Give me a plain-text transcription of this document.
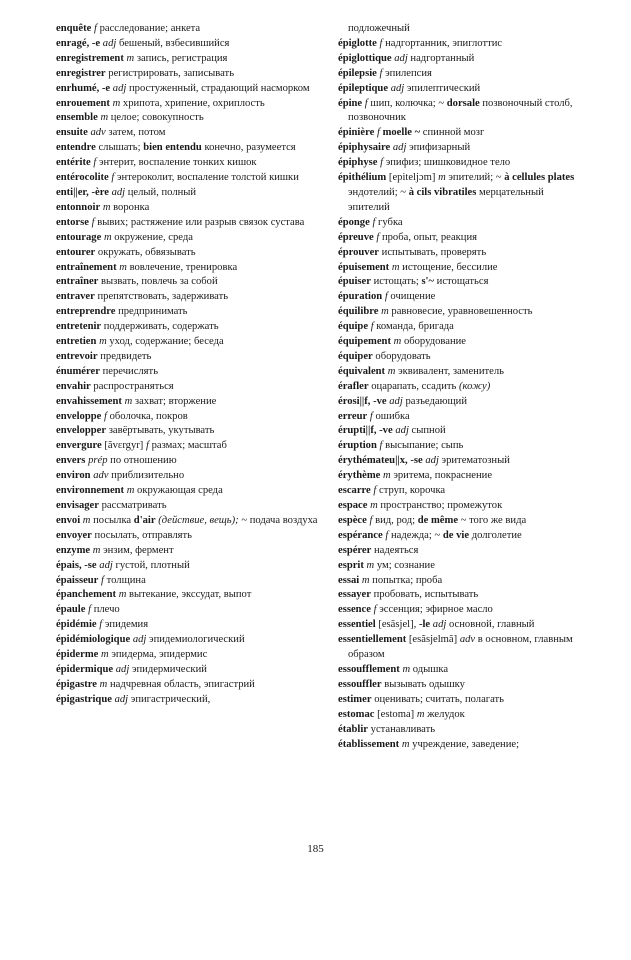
enquête f расследование; анкета

enragé, -e adj бешеный, взбесившийся

enregistrement m запись, регистрация

enregistrer регистрировать, записывать

enrhumé, -e adj простуженный, страдающий насморком

enrouement m хрипота, хрипение, охриплость

ensemble m целое; совокупность

ensuite adv затем, потом

entendre слышать; bien entendu конечно, разумеется

entérite f энтерит, воспаление тонких кишок

entérocolite f энтероколит, воспаление толстой кишки

enti||er, -ère adj целый, полный

entonnoir m воронка

entorse f вывих; растяжение или разрыв связок сустава

entourage m окружение, среда

entourer окружать, обвязывать

entraînement m вовлечение, тренировка

entraîner вызвать, повлечь за собой

entraver препятствовать, задерживать

entreprendre предпринимать

entretenir поддерживать, содержать

entretien m уход, содержание; беседа

entrevoir предвидеть

énumérer перечислять

envahir распространяться

envahissement m захват; вторжение

enveloppe f оболочка, покров

envelopper завёртывать, укутывать

envergure [ãvɛrgyr] f размах; масштаб

envers prép по отношению

environ adv приблизительно

environnement m окружающая среда

envisager рассматривать

envoi m посылка d'air (действие, вещь); ~ подача воздуха

envoyer посылать, отправлять

enzyme m энзим, фермент

épais, -se adj густой, плотный

épaisseur f толщина

épanchement m вытекание, экссудат, выпот

épaule f плечо

épidémie f эпидемия

épidémiologique adj эпидемиологический

épiderme m эпидерма, эпидермис

épidermique adj эпидермический

épigastre m надчревная область, эпигастрий

épigastrique adj эпигастрический,

подложечный

épiglotte f надгортанник, эпиглоттис

épiglottique adj надгортанный

épilepsie f эпилепсия

épileptique adj эпилептический

épine f шип, колючка; ~ dorsale позвоночный столб, позвоночник

épinière f moelle ~ спинной мозг

épiphysaire adj эпифизарный

épiphyse f эпифиз; шишковидное тело

épithélium [epiteljɔm] m эпителий; ~ à cellules plates эндотелий; ~ à cils vibratiles мерцательный эпителий

éponge f губка

épreuve f проба, опыт, реакция

éprouver испытывать, проверять

épuisement m истощение, бессилие

épuiser истощать; s'~ истощаться

épuration f очищение

équilibre m равновесие, уравновешенность

équipe f команда, бригада

équipement m оборудование

équiper оборудовать

équivalent m эквивалент, заменитель

érafler оцарапать, ссадить (кожу)

érosi||f, -ve adj разъедающий

erreur f ошибка

érupti||f, -ve adj сыпной

éruption f высыпание; сыпь

érythémateu||x, -se adj эритематозный

érythème m эритема, покраснение

escarre f струп, корочка

espace m пространство; промежуток

espèce f вид, род; de même ~ того же вида

espérance f надежда; ~ de vie долголетие

espérer надеяться

esprit m ум; сознание

essai m попытка; проба

essayer пробовать, испытывать

essence f эссенция; эфирное масло

essentiel [esãsjel], -le adj основной, главный

essentiellement [esãsjelmã] adv в основном, главным образом

essoufflement m одышка

essouffler вызывать одышку

estimer оценивать; считать, полагать

estomac [estoma] m желудок

établir устанавливать

établissement m учреждение, заведение;

185
